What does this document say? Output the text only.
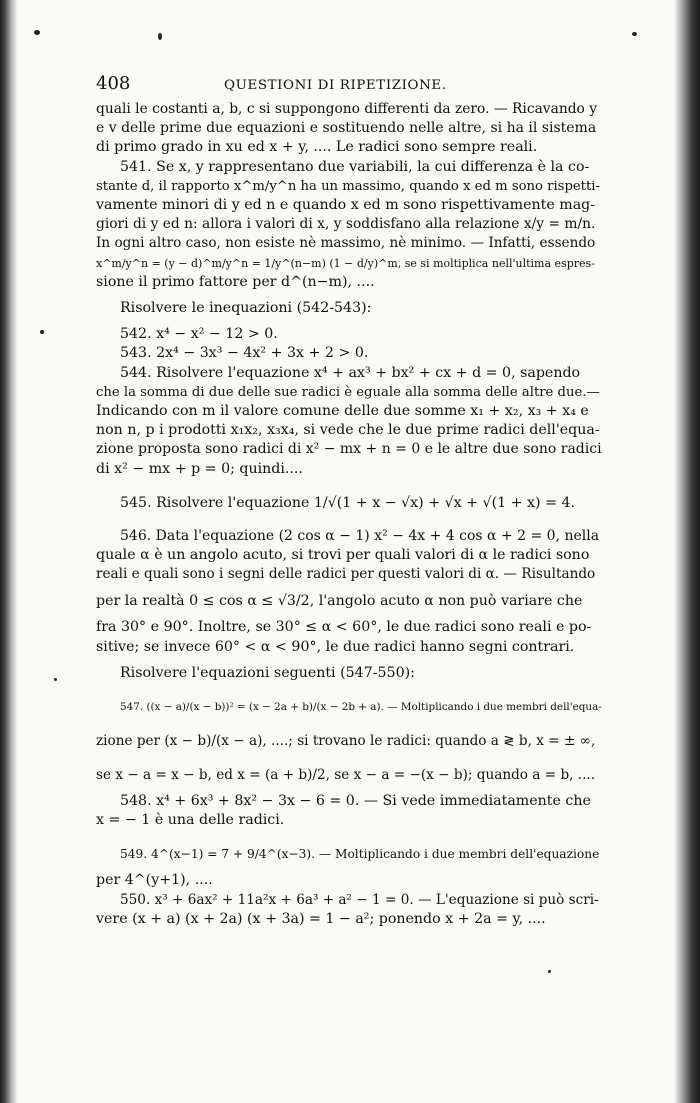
408	QUESTIONI DI RIPETIZIONE.
quali le costanti a, b, c si suppongono differenti da zero. — Ricavando y
e v delle prime due equazioni e sostituendo nelle altre, si ha il sistema
di primo grado in xu ed x + y, .... Le radici sono sempre reali.
541. Se x, y rappresentano due variabili, la cui differenza è la co-
stante d, il rapporto x^m/y^n ha un massimo, quando x ed m sono rispetti-
vamente minori di y ed n e quando x ed m sono rispettivamente mag-
giori di y ed n: allora i valori di x, y soddisfano alla relazione x/y = m/n.
In ogni altro caso, non esiste nè massimo, nè minimo. — Infatti, essendo
x^m/y^n = (y − d)^m/y^n = 1/y^(n−m) (1 − d/y)^m, se si moltiplica nell'ultima espres-
sione il primo fattore per d^(n−m), ....
Risolvere le inequazioni (542-543):
542. x⁴ − x² − 12 > 0.
543. 2x⁴ − 3x³ − 4x² + 3x + 2 > 0.
544. Risolvere l'equazione x⁴ + ax³ + bx² + cx + d = 0, sapendo
che la somma di due delle sue radici è eguale alla somma delle altre due.—
Indicando con m il valore comune delle due somme x₁ + x₂, x₃ + x₄ e
non n, p i prodotti x₁x₂, x₃x₄, si vede che le due prime radici dell'equa-
zione proposta sono radici di x² − mx + n = 0 e le altre due sono radici
di x² − mx + p = 0; quindi....
545. Risolvere l'equazione 1/√(1 + x − √x) + √x + √(1 + x) = 4.
546. Data l'equazione (2 cos α − 1) x² − 4x + 4 cos α + 2 = 0, nella
quale α è un angolo acuto, si trovi per quali valori di α le radici sono
reali e quali sono i segni delle radici per questi valori di α. — Risultando
per la realtà 0 ≤ cos α ≤ √3/2, l'angolo acuto α non può variare che
fra 30° e 90°. Inoltre, se 30° ≤ α < 60°, le due radici sono reali e po-
sitive; se invece 60° < α < 90°, le due radici hanno segni contrari.
Risolvere l'equazioni seguenti (547-550):
547. ((x − a)/(x − b))² = (x − 2a + b)/(x − 2b + a). — Moltiplicando i due membri dell'equa-
zione per (x − b)/(x − a), ....; si trovano le radici: quando a ≷ b, x = ± ∞,
se x − a = x − b, ed x = (a + b)/2, se x − a = −(x − b); quando a = b, ....
548. x⁴ + 6x³ + 8x² − 3x − 6 = 0. — Si vede immediatamente che
x = − 1 è una delle radici.
549. 4^(x−1) = 7 + 9/4^(x−3). — Moltiplicando i due membri dell'equazione
per 4^(y+1), ....
550. x³ + 6ax² + 11a²x + 6a³ + a² − 1 = 0. — L'equazione si può scri-
vere (x + a) (x + 2a) (x + 3a) = 1 − a²; ponendo x + 2a = y, ....
